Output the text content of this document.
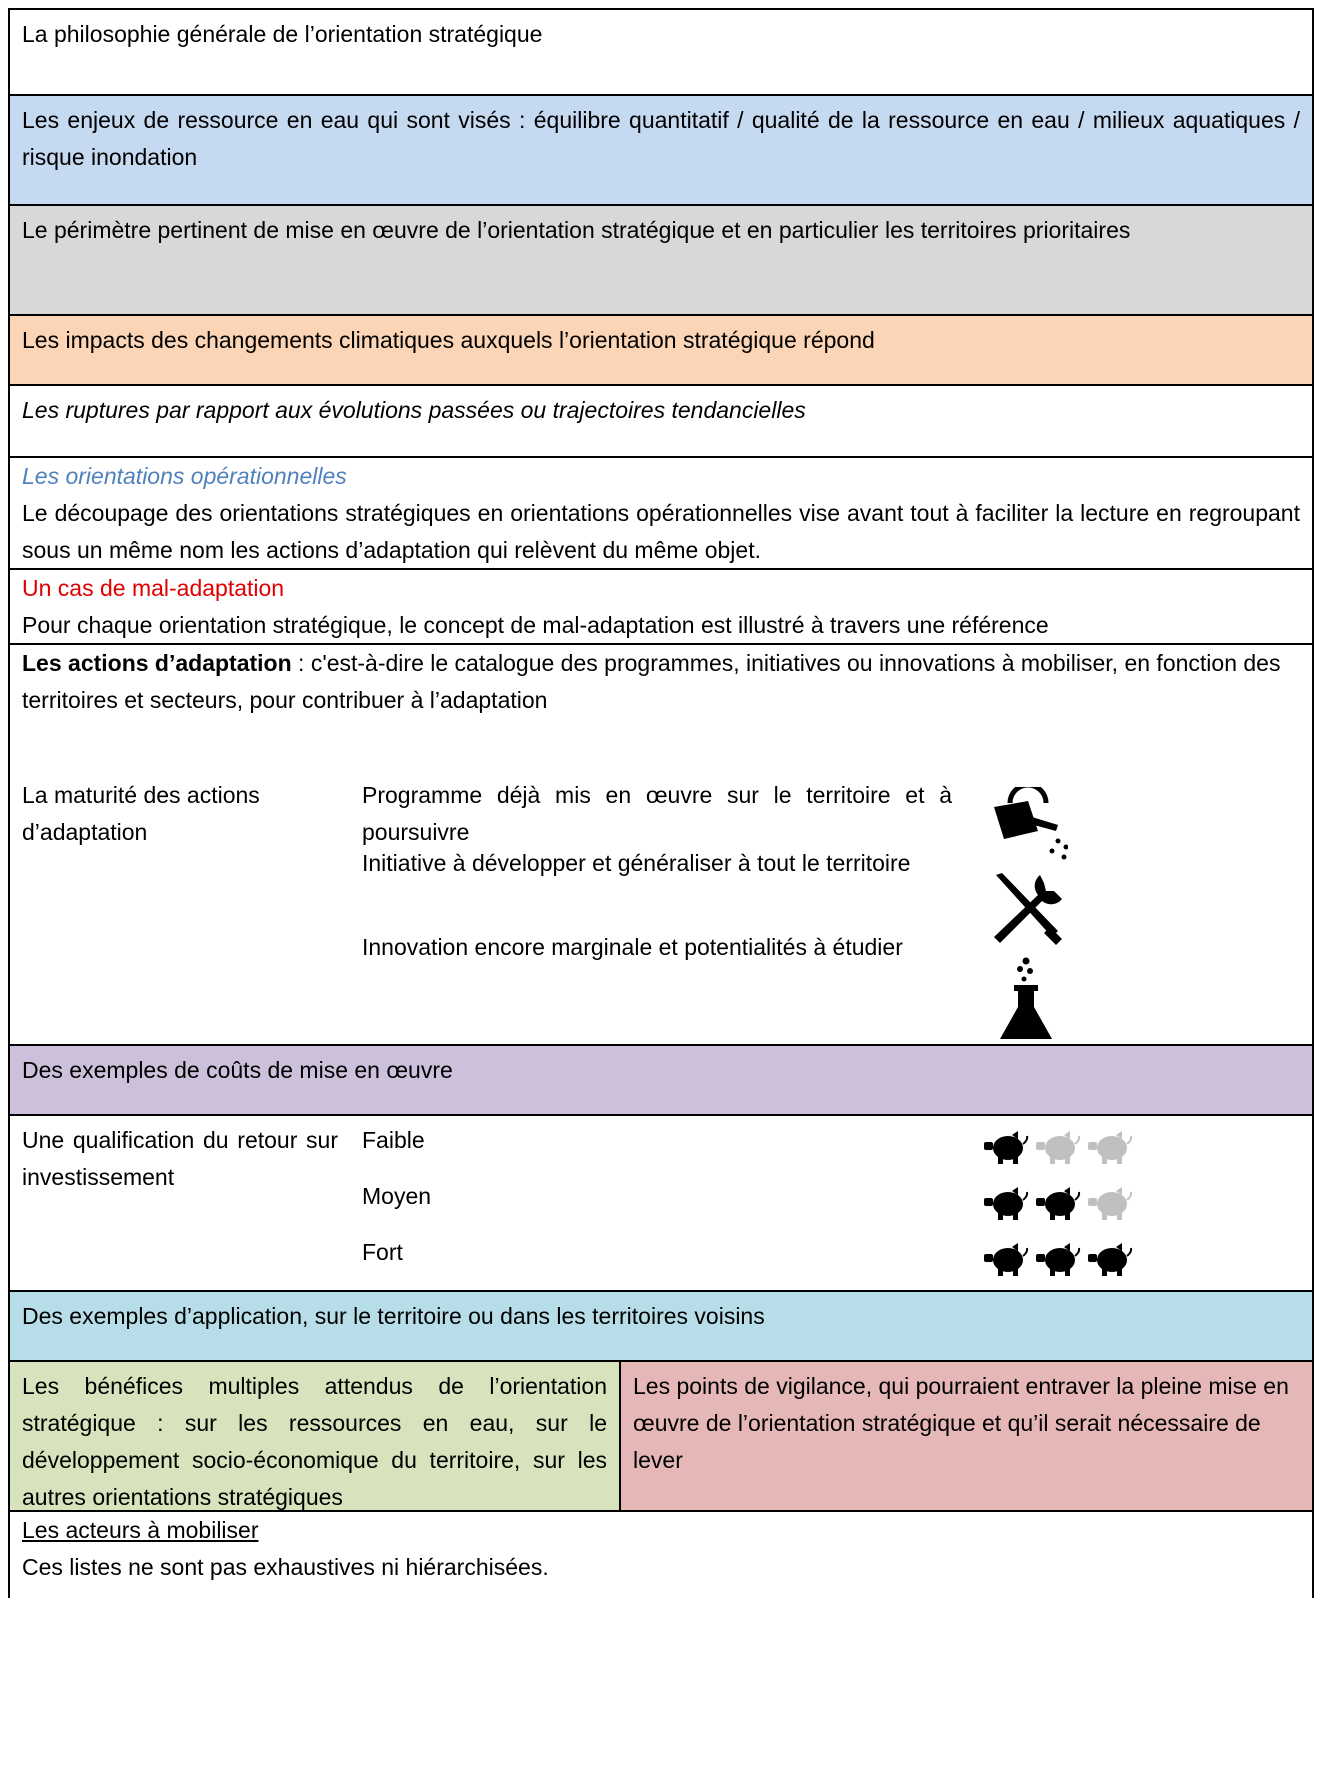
La philosophie générale de l’orientation stratégique
Les enjeux de ressource en eau qui sont visés : équilibre quantitatif / qualité de la ressource en eau / milieux aquatiques / risque inondation
Le périmètre pertinent de mise en œuvre de l’orientation stratégique et en particulier les territoires prioritaires
Les impacts des changements climatiques auxquels l’orientation stratégique répond
Les ruptures par rapport aux évolutions passées ou trajectoires tendancielles
Les orientations opérationnelles
Le découpage des orientations stratégiques en orientations opérationnelles vise avant tout à faciliter la lecture en regroupant sous un même nom les actions d’adaptation qui relèvent du même objet.
Un cas de mal-adaptation
Pour chaque orientation stratégique, le concept de mal-adaptation est illustré à travers une référence
Les actions d’adaptation : c'est-à-dire le catalogue des programmes, initiatives ou innovations à mobiliser, en fonction des territoires et secteurs, pour contribuer à l’adaptation
La maturité des actions d’adaptation
Programme déjà mis en œuvre sur le territoire et à poursuivre
Initiative à développer et généraliser à tout le territoire
Innovation encore marginale et potentialités à étudier
Des exemples de coûts de mise en œuvre
Une qualification du retour sur investissement
Faible
Moyen
Fort
Des exemples d’application, sur le territoire ou dans les territoires voisins
Les bénéfices multiples attendus de l’orientation stratégique : sur les ressources en eau, sur le développement socio-économique du territoire, sur les autres orientations stratégiques
Les points de vigilance, qui pourraient entraver la pleine mise en œuvre de l’orientation stratégique et qu’il serait nécessaire de lever
Les acteurs à mobiliser
Ces listes ne sont pas exhaustives ni hiérarchisées.
